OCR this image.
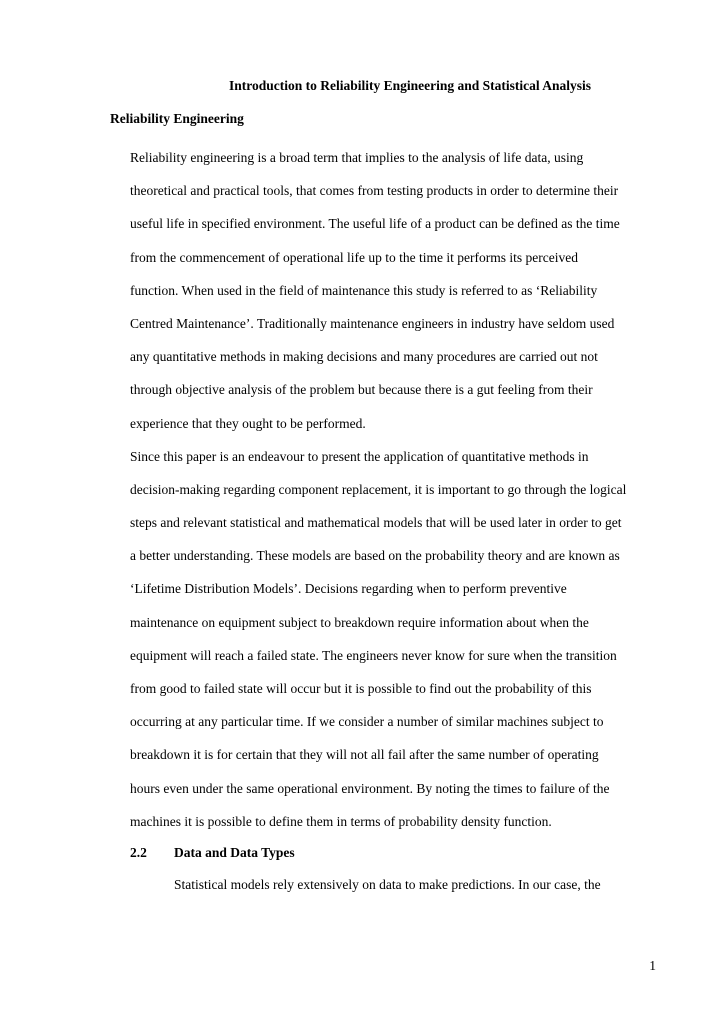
Introduction to Reliability Engineering and Statistical Analysis
Reliability Engineering
Reliability engineering is a broad term that implies to the analysis of life data, using
theoretical and practical tools, that comes from testing products in order to determine their
useful life in specified environment. The useful life of a product can be defined as the time
from the commencement of operational life up to the time it performs its perceived
function. When used in the field of maintenance this study is referred to as ‘Reliability
Centred Maintenance’. Traditionally maintenance engineers in industry have seldom used
any quantitative methods in making decisions and many procedures are carried out not
through objective analysis of the problem but because there is a gut feeling from their
experience that they ought to be performed.
Since this paper is an endeavour to present the application of quantitative methods in
decision-making regarding component replacement, it is important to go through the logical
steps and relevant statistical and mathematical models that will be used later in order to get
a better understanding. These models are based on the probability theory and are known as
‘Lifetime Distribution Models’. Decisions regarding when to perform preventive
maintenance on equipment subject to breakdown require information about when the
equipment will reach a failed state. The engineers never know for sure when the transition
from good to failed state will occur but it is possible to find out the probability of this
occurring at any particular time. If we consider a number of similar machines subject to
breakdown it is for certain that they will not all fail after the same number of operating
hours even under the same operational environment. By noting the times to failure of the
machines it is possible to define them in terms of probability density function.
2.2 Data and Data Types
Statistical models rely extensively on data to make predictions. In our case, the
1
